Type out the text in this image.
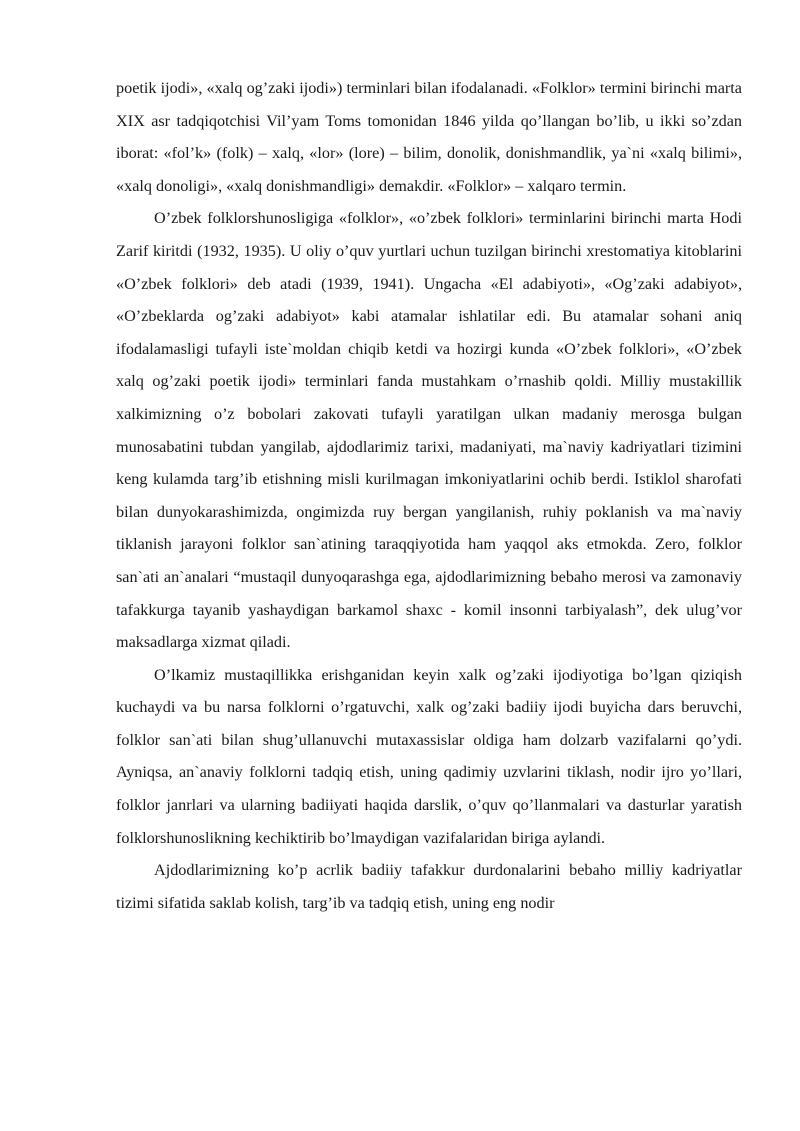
poetik ijodi», «xalq og’zaki ijodi») terminlari bilan ifodalanadi. «Folklor» termini birinchi marta XIX asr tadqiqotchisi Vil’yam Toms tomonidan 1846 yilda qo’llangan bo’lib, u ikki so’zdan iborat: «fol’k» (folk) – xalq, «lor» (lore) – bilim, donolik, donishmandlik, ya`ni «xalq bilimi», «xalq donoligi», «xalq donishmandligi» demakdir. «Folklor» – xalqaro termin.

O’zbek folklorshunosligiga «folklor», «o’zbek folklori» terminlarini birinchi marta Hodi Zarif kiritdi (1932, 1935). U oliy o’quv yurtlari uchun tuzilgan birinchi xrestomatiya kitoblarini «O’zbek folklori» deb atadi (1939, 1941). Ungacha «El adabiyoti», «Og’zaki adabiyot», «O’zbeklarda og’zaki adabiyot» kabi atamalar ishlatilar edi. Bu atamalar sohani aniq ifodalamasligi tufayli iste`moldan chiqib ketdi va hozirgi kunda «O’zbek folklori», «O’zbek xalq og’zaki poetik ijodi» terminlari fanda mustahkam o’rnashib qoldi. Milliy mustakillik xalkimizning o’z bobolari zakovati tufayli yaratilgan ulkan madaniy merosga bulgan munosabatini tubdan yangilab, ajdodlarimiz tarixi, madaniyati, ma`naviy kadriyatlari tizimini keng kulamda targ’ib etishning misli kurilmagan imkoniyatlarini ochib berdi. Istiklol sharofati bilan dunyokarashimizda, ongimizda ruy bergan yangilanish, ruhiy poklanish va ma`naviy tiklanish jarayoni folklor san`atining taraqqiyotida ham yaqqol aks etmokda. Zero, folklor san`ati an`analari “mustaqil dunyoqarashga ega, ajdodlarimizning bebaho merosi va zamonaviy tafakkurga tayanib yashaydigan barkamol shaxc - komil insonni tarbiyalash”, dek ulug’vor maksadlarga xizmat qiladi.

O’lkamiz mustaqillikka erishganidan keyin xalk og’zaki ijodiyotiga bo’lgan qiziqish kuchaydi va bu narsa folklorni o’rgatuvchi, xalk og’zaki badiiy ijodi buyicha dars beruvchi, folklor san`ati bilan shug’ullanuvchi mutaxassislar oldiga ham dolzarb vazifalarni qo’ydi. Ayniqsa, an`anaviy folklorni tadqiq etish, uning qadimiy uzvlarini tiklash, nodir ijro yo’llari, folklor janrlari va ularning badiiyati haqida darslik, o’quv qo’llanmalari va dasturlar yaratish folklorshunoslikning kechiktirib bo’lmaydigan vazifalaridan biriga aylandi.

Ajdodlarimizning ko’p acrlik badiiy tafakkur durdonalarini bebaho milliy kadriyatlar tizimi sifatida saklab kolish, targ’ib va tadqiq etish, uning eng nodir
